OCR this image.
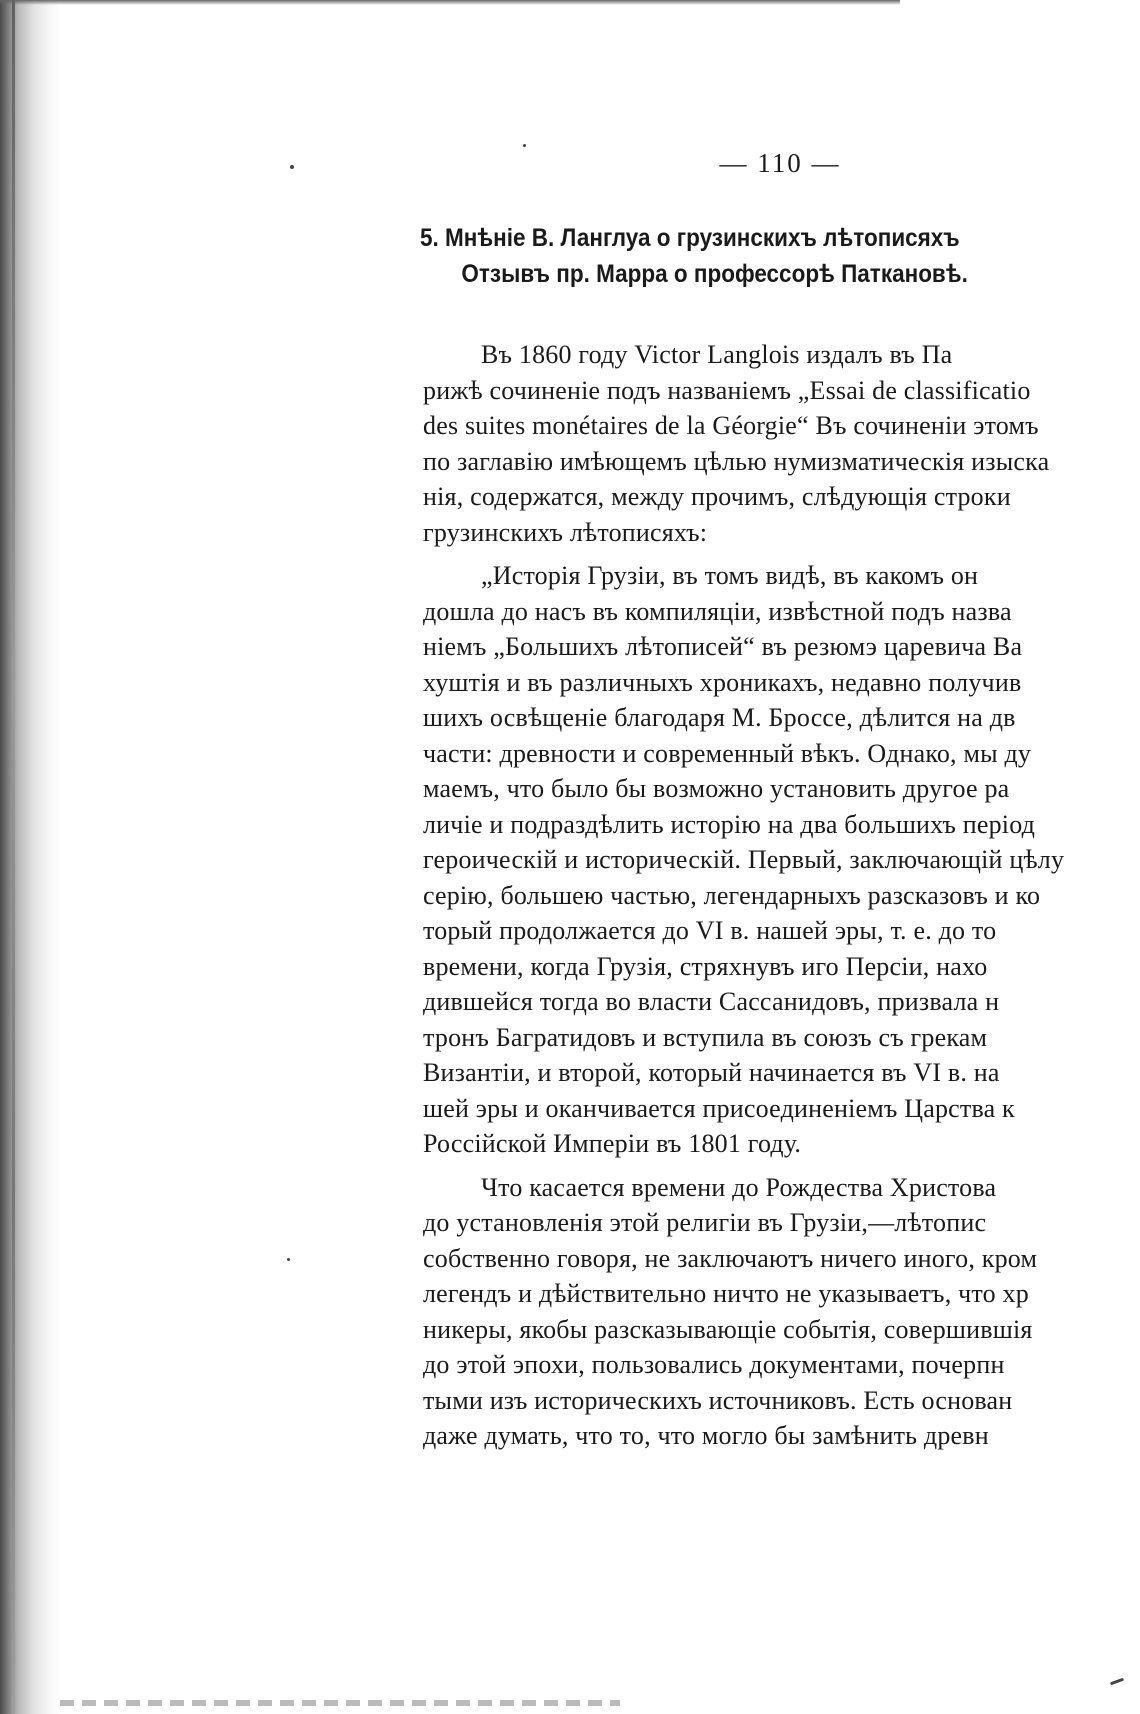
— 110 —
5. Мнѣніе В. Ланглуа о грузинскихъ лѣтописяхъ
Отзывъ пр. Марра о профессорѣ Паткановѣ.
Въ 1860 году Victor Langlois издалъ въ Па
рижѣ сочиненіе подъ названіемъ „Essai de classificatio
des suites monétaires de la Géorgie“ Въ сочиненіи этомъ
по заглавію имѣющемъ цѣлью нумизматическія изыска
нія, содержатся, между прочимъ, слѣдующія строки
грузинскихъ лѣтописяхъ:
„Исторія Грузіи, въ томъ видѣ, въ какомъ он
дошла до насъ въ компиляціи, извѣстной подъ назва
ніемъ „Большихъ лѣтописей“ въ резюмэ царевича Ва
хуштія и въ различныхъ хроникахъ, недавно получив
шихъ освѣщеніе благодаря М. Броссе, дѣлится на дв
части: древности и современный вѣкъ. Однако, мы ду
маемъ, что было бы возможно установить другое ра
личіе и подраздѣлить исторію на два большихъ період
героическій и историческій. Первый, заключающій цѣлу
серію, большею частью, легендарныхъ разсказовъ и ко
торый продолжается до VI в. нашей эры, т. е. до то
времени, когда Грузія, стряхнувъ иго Персіи, нахо
дившейся тогда во власти Сассанидовъ, призвала н
тронъ Багратидовъ и вступила въ союзъ съ грекам
Византіи, и второй, который начинается въ VI в. на
шей эры и оканчивается присоединеніемъ Царства к
Россійской Имперіи въ 1801 году.
Что касается времени до Рождества Христова
до установленія этой религіи въ Грузіи,—лѣтопис
собственно говоря, не заключаютъ ничего иного, кром
легендъ и дѣйствительно ничто не указываетъ, что хр
никеры, якобы разсказывающіе событія, совершившія
до этой эпохи, пользовались документами, почерпн
тыми изъ историческихъ источниковъ. Есть основан
даже думать, что то, что могло бы замѣнить древн
